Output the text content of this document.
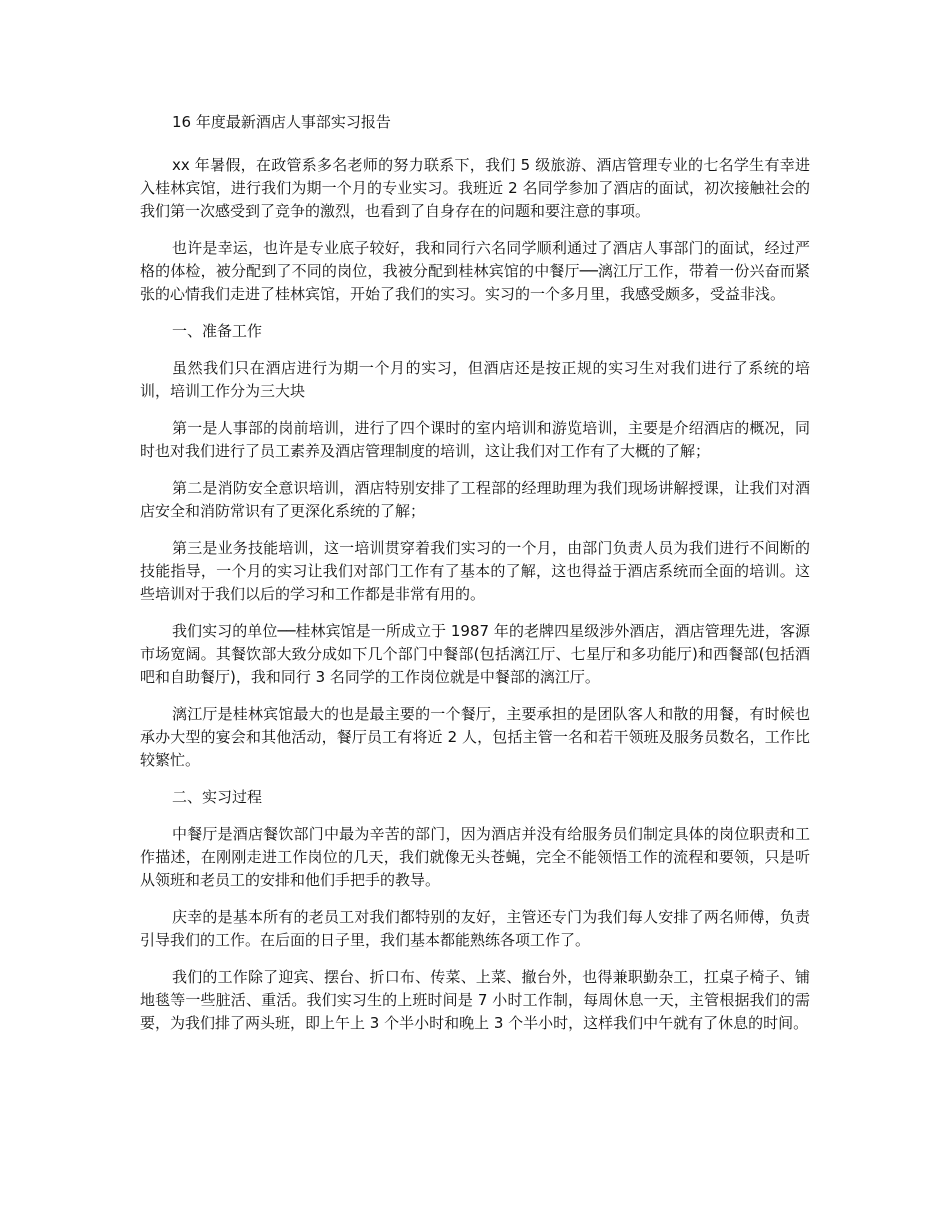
16 年度最新酒店人事部实习报告

xx 年暑假，在政管系多名老师的努力联系下，我们 5 级旅游、酒店管理专业的七名学生有幸进入桂林宾馆，进行我们为期一个月的专业实习。我班近 2 名同学参加了酒店的面试，初次接触社会的我们第一次感受到了竞争的激烈，也看到了自身存在的问题和要注意的事项。

也许是幸运，也许是专业底子较好，我和同行六名同学顺利通过了酒店人事部门的面试，经过严格的体检，被分配到了不同的岗位，我被分配到桂林宾馆的中餐厅──漓江厅工作，带着一份兴奋而紧张的心情我们走进了桂林宾馆，开始了我们的实习。实习的一个多月里，我感受颇多，受益非浅。

一、准备工作

虽然我们只在酒店进行为期一个月的实习，但酒店还是按正规的实习生对我们进行了系统的培训，培训工作分为三大块

第一是人事部的岗前培训，进行了四个课时的室内培训和游览培训，主要是介绍酒店的概况，同时也对我们进行了员工素养及酒店管理制度的培训，这让我们对工作有了大概的了解；

第二是消防安全意识培训，酒店特别安排了工程部的经理助理为我们现场讲解授课，让我们对酒店安全和消防常识有了更深化系统的了解；

第三是业务技能培训，这一培训贯穿着我们实习的一个月，由部门负责人员为我们进行不间断的技能指导，一个月的实习让我们对部门工作有了基本的了解，这也得益于酒店系统而全面的培训。这些培训对于我们以后的学习和工作都是非常有用的。

我们实习的单位──桂林宾馆是一所成立于 1987 年的老牌四星级涉外酒店，酒店管理先进，客源市场宽阔。其餐饮部大致分成如下几个部门中餐部(包括漓江厅、七星厅和多功能厅)和西餐部(包括酒吧和自助餐厅)，我和同行 3 名同学的工作岗位就是中餐部的漓江厅。

漓江厅是桂林宾馆最大的也是最主要的一个餐厅，主要承担的是团队客人和散的用餐，有时候也承办大型的宴会和其他活动，餐厅员工有将近 2 人，包括主管一名和若干领班及服务员数名，工作比较繁忙。

二、实习过程

中餐厅是酒店餐饮部门中最为辛苦的部门，因为酒店并没有给服务员们制定具体的岗位职责和工作描述，在刚刚走进工作岗位的几天，我们就像无头苍蝇，完全不能领悟工作的流程和要领，只是听从领班和老员工的安排和他们手把手的教导。

庆幸的是基本所有的老员工对我们都特别的友好，主管还专门为我们每人安排了两名师傅，负责引导我们的工作。在后面的日子里，我们基本都能熟练各项工作了。

我们的工作除了迎宾、摆台、折口布、传菜、上菜、撤台外，也得兼职勤杂工，扛桌子椅子、铺地毯等一些脏活、重活。我们实习生的上班时间是 7 小时工作制，每周休息一天，主管根据我们的需要，为我们排了两头班，即上午上 3 个半小时和晚上 3 个半小时，这样我们中午就有了休息的时间。
